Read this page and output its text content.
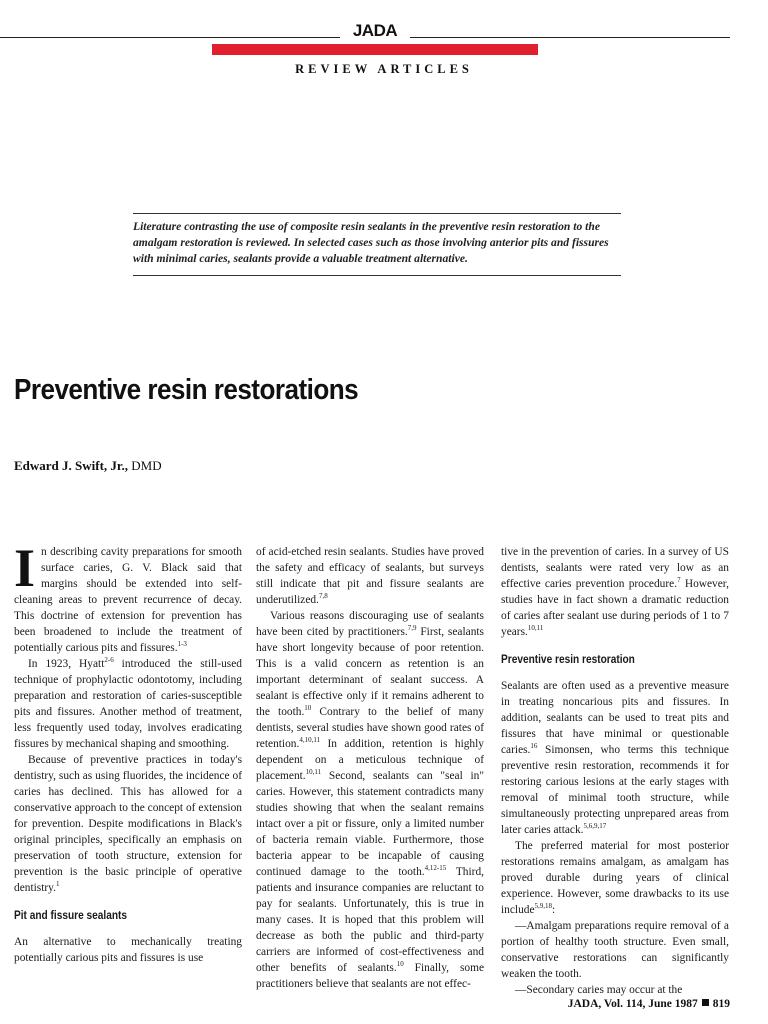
JADA
REVIEW ARTICLES
Literature contrasting the use of composite resin sealants in the preventive resin restoration to the amalgam restoration is reviewed. In selected cases such as those involving anterior pits and fissures with minimal caries, sealants provide a valuable treatment alternative.
Preventive resin restorations
Edward J. Swift, Jr., DMD

In describing cavity preparations for smooth surface caries, G. V. Black said that margins should be extended into self-cleaning areas to prevent recurrence of decay. This doctrine of extension for prevention has been broadened to include the treatment of potentially carious pits and fissures.$^{1-3}$

In 1923, Hyatt$^{2-6}$ introduced the still-used technique of prophylactic odontotomy, including preparation and restoration of caries-susceptible pits and fissures. Another method of treatment, less frequently used today, involves eradicating fissures by mechanical shaping and smoothing.

Because of preventive practices in today's dentistry, such as using fluorides, the incidence of caries has declined. This has allowed for a conservative approach to the concept of extension for prevention. Despite modifications in Black's original principles, specifically an emphasis on preservation of tooth structure, extension for prevention is the basic principle of operative dentistry.$^1$

Pit and fissure sealants

An alternative to mechanically treating potentially carious pits and fissures is use

of acid-etched resin sealants. Studies have proved the safety and efficacy of sealants, but surveys still indicate that pit and fissure sealants are underutilized.$^{7,8}$

Various reasons discouraging use of sealants have been cited by practitioners.$^{7,9}$ First, sealants have short longevity because of poor retention. This is a valid concern as retention is an important determinant of sealant success. A sealant is effective only if it remains adherent to the tooth.$^{10}$ Contrary to the belief of many dentists, several studies have shown good rates of retention.$^{4,10,11}$ In addition, retention is highly dependent on a meticulous technique of placement.$^{10,11}$ Second, sealants can "seal in" caries. However, this statement contradicts many studies showing that when the sealant remains intact over a pit or fissure, only a limited number of bacteria remain viable. Furthermore, those bacteria appear to be incapable of causing continued damage to the tooth.$^{4,12-15}$ Third, patients and insurance companies are reluctant to pay for sealants. Unfortunately, this is true in many cases. It is hoped that this problem will decrease as both the public and third-party carriers are informed of cost-effectiveness and other benefits of sealants.$^{10}$ Finally, some practitioners believe that sealants are not effec-

tive in the prevention of caries. In a survey of US dentists, sealants were rated very low as an effective caries prevention procedure.$^7$ However, studies have in fact shown a dramatic reduction of caries after sealant use during periods of 1 to 7 years.$^{10,11}$

Preventive resin restoration

Sealants are often used as a preventive measure in treating noncarious pits and fissures. In addition, sealants can be used to treat pits and fissures that have minimal or questionable caries.$^{16}$ Simonsen, who terms this technique preventive resin restoration, recommends it for restoring carious lesions at the early stages with removal of minimal tooth structure, while simultaneously protecting unprepared areas from later caries attack.$^{5,6,9,17}$

The preferred material for most posterior restorations remains amalgam, as amalgam has proved durable during years of clinical experience. However, some drawbacks to its use include$^{5,9,18}$:

—Amalgam preparations require removal of a portion of healthy tooth structure. Even small, conservative restorations can significantly weaken the tooth.

—Secondary caries may occur at the

JADA, Vol. 114, June 1987 819
